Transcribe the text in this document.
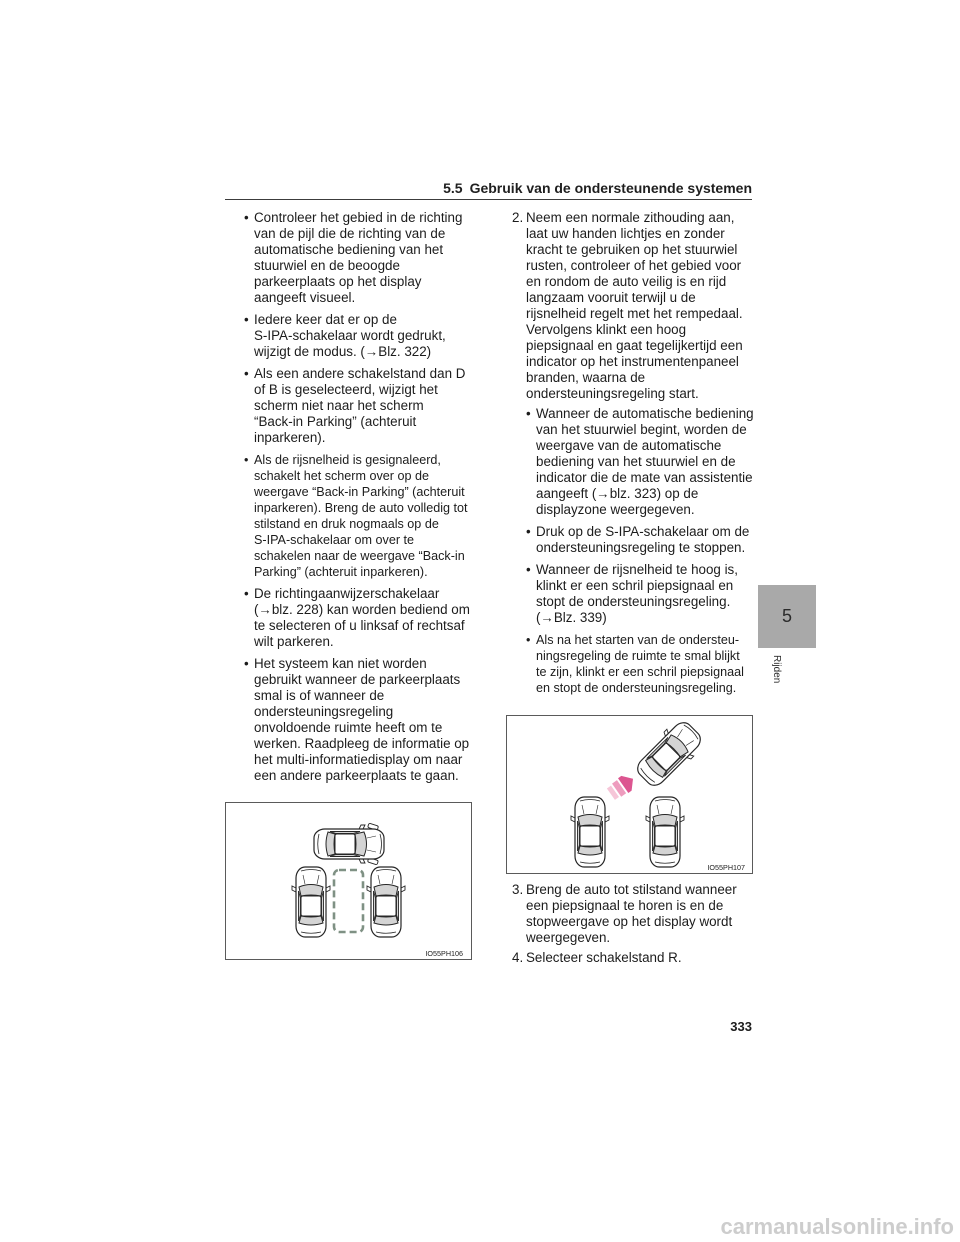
5.5 Gebruik van de ondersteunende systemen
5
Rijden
• Controleer het gebied in de richting
van de pijl die de richting van de
automatische bediening van het
stuurwiel en de beoogde
parkeerplaats op het display
aangeeft visueel.
• Iedere keer dat er op de
S-IPA-schakelaar wordt gedrukt,
wijzigt de modus. (→Blz. 322)
• Als een andere schakelstand dan D
of B is geselecteerd, wijzigt het
scherm niet naar het scherm
“Back-in Parking” (achteruit
inparkeren).
• Als de rijsnelheid is gesignaleerd,
schakelt het scherm over op de
weergave “Back-in Parking” (achteruit
inparkeren). Breng de auto volledig tot
stilstand en druk nogmaals op de
S-IPA-schakelaar om over te
schakelen naar de weergave “Back-in
Parking” (achteruit inparkeren).
• De richtingaanwijzerschakelaar
(→blz. 228) kan worden bediend om
te selecteren of u linksaf of rechtsaf
wilt parkeren.
• Het systeem kan niet worden
gebruikt wanneer de parkeerplaats
smal is of wanneer de
ondersteuningsregeling
onvoldoende ruimte heeft om te
werken. Raadpleeg de informatie op
het multi-informatiedisplay om naar
een andere parkeerplaats te gaan.
IO55PH106
2. Neem een normale zithouding aan,
laat uw handen lichtjes en zonder
kracht te gebruiken op het stuurwiel
rusten, controleer of het gebied voor
en rondom de auto veilig is en rijd
langzaam vooruit terwijl u de
rijsnelheid regelt met het rempedaal.
Vervolgens klinkt een hoog
piepsignaal en gaat tegelijkertijd een
indicator op het instrumentenpaneel
branden, waarna de
ondersteuningsregeling start.
• Wanneer de automatische bediening
van het stuurwiel begint, worden de
weergave van de automatische
bediening van het stuurwiel en de
indicator die de mate van assistentie
aangeeft (→blz. 323) op de
displayzone weergegeven.
• Druk op de S-IPA-schakelaar om de
ondersteuningsregeling te stoppen.
• Wanneer de rijsnelheid te hoog is,
klinkt er een schril piepsignaal en
stopt de ondersteuningsregeling.
(→Blz. 339)
• Als na het starten van de ondersteu-
ningsregeling de ruimte te smal blijkt
te zijn, klinkt er een schril piepsignaal
en stopt de ondersteuningsregeling.
IO55PH107
3. Breng de auto tot stilstand wanneer
een piepsignaal te horen is en de
stopweergave op het display wordt
weergegeven.
4. Selecteer schakelstand R.
333
carmanualsonline.info
